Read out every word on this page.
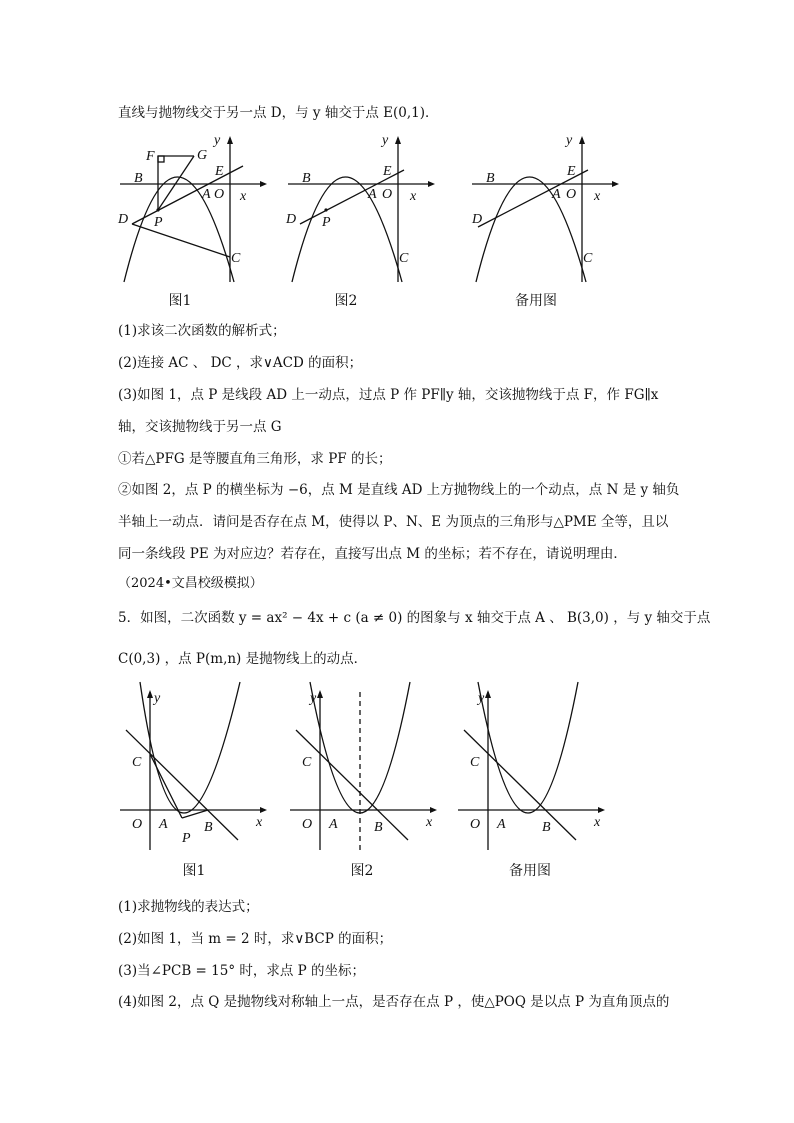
直线与抛物线交于另一点 D，与 y 轴交于点 E(0,1)．
F	G
B	E
A O x
y
D P
C
图1
B	E
A O x
y
D P
C
图2
B	E
A O x
y
D
C
备用图
(1)求该二次函数的解析式；
(2)连接 AC 、 DC ，求∨ACD 的面积；
(3)如图 1，点 P 是线段 AD 上一动点，过点 P 作 PF∥y 轴，交该抛物线于点 F，作 FG∥x
轴，交该抛物线于另一点 G
①若△PFG 是等腰直角三角形，求 PF 的长；
②如图 2，点 P 的横坐标为 −6，点 M 是直线 AD 上方抛物线上的一个动点，点 N 是 y 轴负
半轴上一动点．请问是否存在点 M，使得以 P、N、E 为顶点的三角形与△PME 全等，且以
同一条线段 PE 为对应边？若存在，直接写出点 M 的坐标；若不存在，请说明理由．
（2024•文昌校级模拟）
5．如图，二次函数 y = ax² − 4x + c (a ≠ 0) 的图象与 x 轴交于点 A 、 B(3,0) ，与 y 轴交于点
C(0,3) ，点 P(m,n) 是抛物线上的动点．
y
C
O A	B	x
P
图1
y
C
O A	B	x
图2
y
C
O A	B	x
备用图
(1)求抛物线的表达式；
(2)如图 1，当 m = 2 时，求∨BCP 的面积；
(3)当∠PCB = 15° 时，求点 P 的坐标；
(4)如图 2，点 Q 是抛物线对称轴上一点，是否存在点 P ，使△POQ 是以点 P 为直角顶点的
